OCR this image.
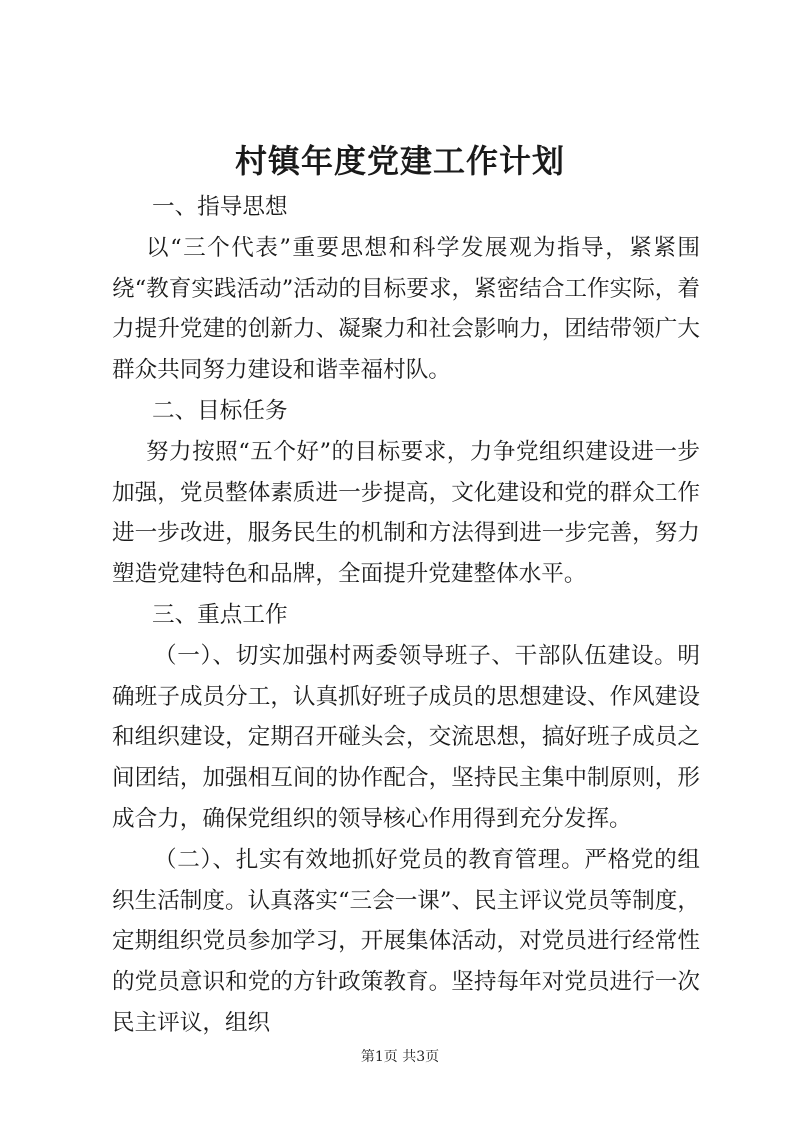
村镇年度党建工作计划

一、指导思想

以“三个代表”重要思想和科学发展观为指导，紧紧围绕“教育实践活动”活动的目标要求，紧密结合工作实际，着力提升党建的创新力、凝聚力和社会影响力，团结带领广大群众共同努力建设和谐幸福村队。

二、目标任务

努力按照“五个好”的目标要求，力争党组织建设进一步加强，党员整体素质进一步提高，文化建设和党的群众工作进一步改进，服务民生的机制和方法得到进一步完善，努力塑造党建特色和品牌，全面提升党建整体水平。

三、重点工作

（一）、切实加强村两委领导班子、干部队伍建设。明确班子成员分工，认真抓好班子成员的思想建设、作风建设和组织建设，定期召开碰头会，交流思想，搞好班子成员之间团结，加强相互间的协作配合，坚持民主集中制原则，形成合力，确保党组织的领导核心作用得到充分发挥。

（二）、扎实有效地抓好党员的教育管理。严格党的组织生活制度。认真落实“三会一课”、民主评议党员等制度，定期组织党员参加学习，开展集体活动，对党员进行经常性的党员意识和党的方针政策教育。坚持每年对党员进行一次民主评议，组织

第1页 共3页
